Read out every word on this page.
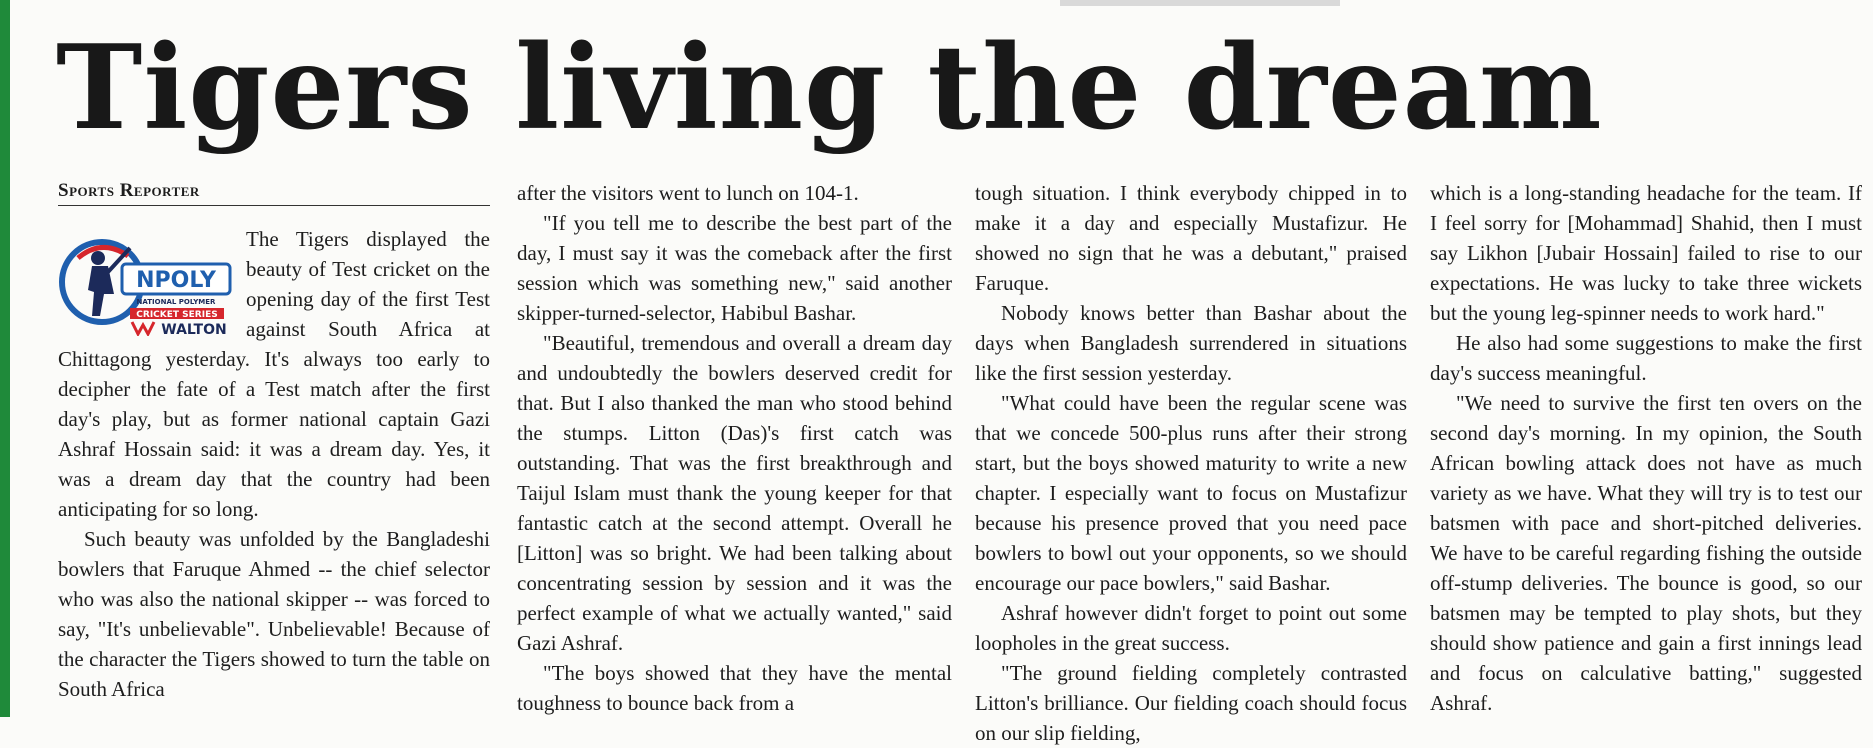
Tigers living the dream
Sports Reporter
NPOLY
NATIONAL POLYMER
CRICKET SERIES
WALTON

The Tigers displayed the beauty of Test cricket on the opening day of the first Test against South Africa at Chittagong yesterday. It's always too early to decipher the fate of a Test match after the first day's play, but as former national captain Gazi Ashraf Hossain said: it was a dream day. Yes, it was a dream day that the country had been anticipating for so long.

Such beauty was unfolded by the Bangladeshi bowlers that Faruque Ahmed -- the chief selector who was also the national skipper -- was forced to say, "It's unbelievable". Unbelievable! Because of the character the Tigers showed to turn the table on South Africa

after the visitors went to lunch on 104-1.

"If you tell me to describe the best part of the day, I must say it was the comeback after the first session which was something new," said another skipper-turned-selector, Habibul Bashar.

"Beautiful, tremendous and overall a dream day and undoubtedly the bowlers deserved credit for that. But I also thanked the man who stood behind the stumps. Litton (Das)'s first catch was outstanding. That was the first breakthrough and Taijul Islam must thank the young keeper for that fantastic catch at the second attempt. Overall he [Litton] was so bright. We had been talking about concentrating session by session and it was the perfect example of what we actually wanted," said Gazi Ashraf.

"The boys showed that they have the mental toughness to bounce back from a

tough situation. I think everybody chipped in to make it a day and especially Mustafizur. He showed no sign that he was a debutant," praised Faruque.

Nobody knows better than Bashar about the days when Bangladesh surrendered in situations like the first session yesterday.

"What could have been the regular scene was that we concede 500-plus runs after their strong start, but the boys showed maturity to write a new chapter. I especially want to focus on Mustafizur because his presence proved that you need pace bowlers to bowl out your opponents, so we should encourage our pace bowlers," said Bashar.

Ashraf however didn't forget to point out some loopholes in the great success.

"The ground fielding completely contrasted Litton's brilliance. Our fielding coach should focus on our slip fielding,

which is a long-standing headache for the team. If I feel sorry for [Mohammad] Shahid, then I must say Likhon [Jubair Hossain] failed to rise to our expectations. He was lucky to take three wickets but the young leg-spinner needs to work hard."

He also had some suggestions to make the first day's success meaningful.

"We need to survive the first ten overs on the second day's morning. In my opinion, the South African bowling attack does not have as much variety as we have. What they will try is to test our batsmen with pace and short-pitched deliveries. We have to be careful regarding fishing the outside off-stump deliveries. The bounce is good, so our batsmen may be tempted to play shots, but they should show patience and gain a first innings lead and focus on calculative batting," suggested Ashraf.
